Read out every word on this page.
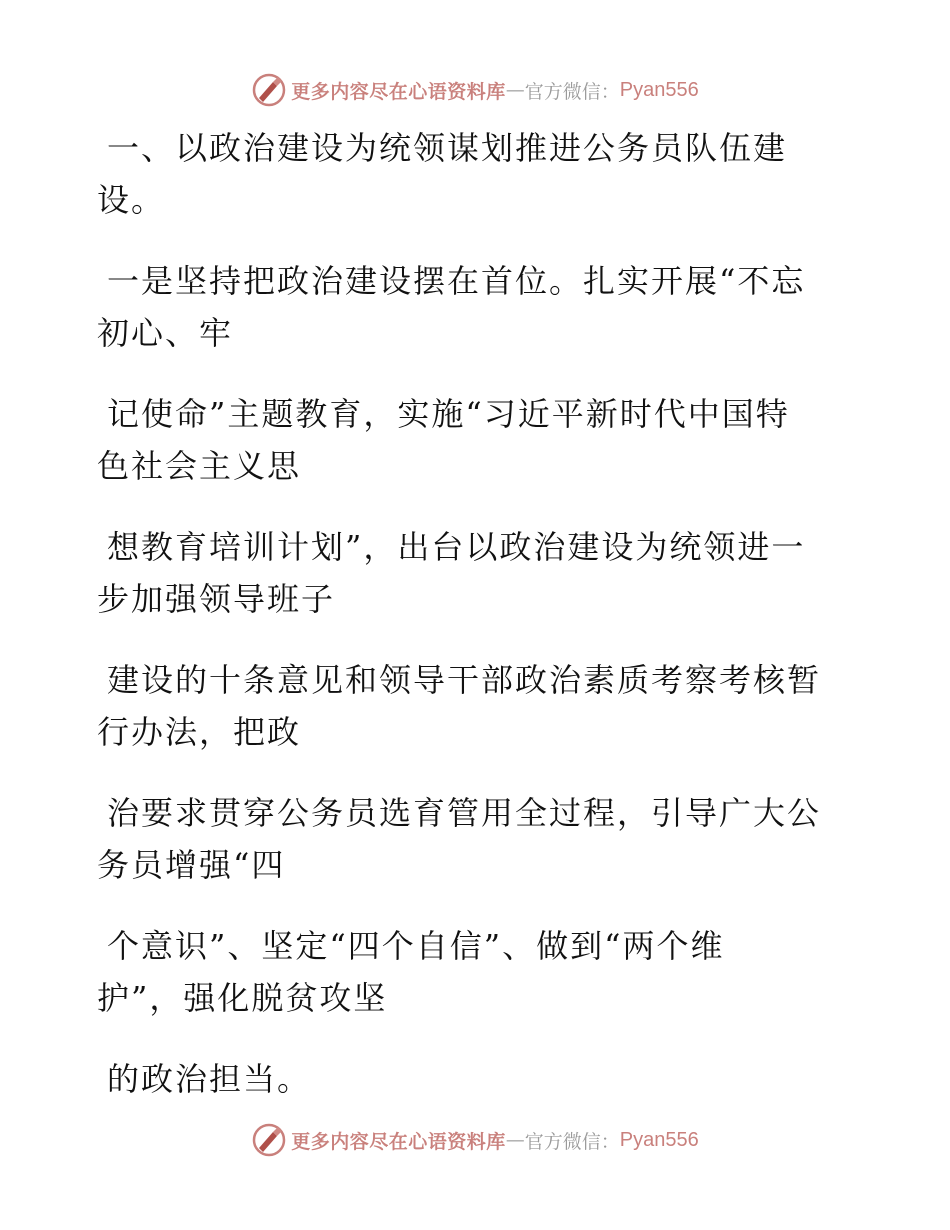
更多内容尽在心语资料库 — 官方微信： Pyan556
一、以政治建设为统领谋划推进公务员队伍建
设。
一是坚持把政治建设摆在首位。扎实开展“不忘
初心、牢
记使命”主题教育，实施“习近平新时代中国特
色社会主义思
想教育培训计划”，出台以政治建设为统领进一
步加强领导班子
建设的十条意见和领导干部政治素质考察考核暂
行办法，把政
治要求贯穿公务员选育管用全过程，引导广大公
务员增强“四
个意识”、坚定“四个自信”、做到“两个维
护”，强化脱贫攻坚
的政治担当。
更多内容尽在心语资料库 — 官方微信： Pyan556
